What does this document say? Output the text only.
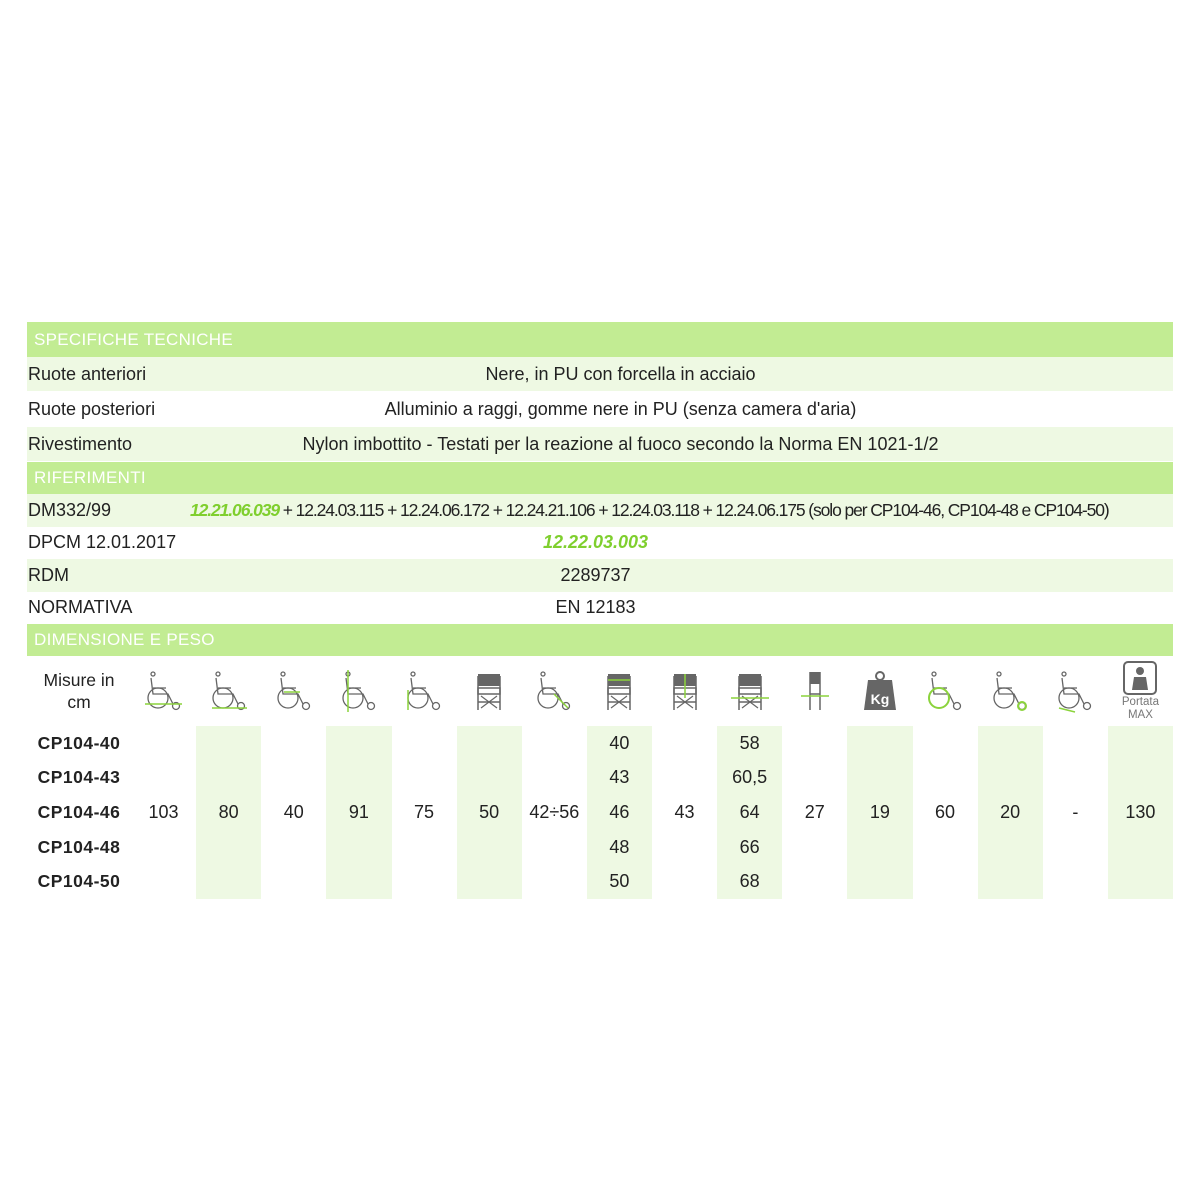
SPECIFICHE TECNICHE
Ruote anteriori	Nere, in PU con forcella in acciaio
Ruote posteriori	Alluminio a raggi, gomme nere in PU (senza camera d'aria)
Rivestimento	Nylon imbottito - Testati per la reazione al fuoco secondo la Norma EN 1021-1/2
RIFERIMENTI
DM332/99	12.21.06.039 + 12.24.03.115 + 12.24.06.172 + 12.24.21.106 + 12.24.03.118 + 12.24.06.175 (solo per CP104-46, CP104-48 e CP104-50)
DPCM 12.01.2017	12.22.03.003
RDM	2289737
NORMATIVA	EN 12183
DIMENSIONE E PESO
Misure in
cm												Kg				Portata
MAX

CP104-40	103	80	40	91	75	50	42÷56	40	43	58	27	19	60	20	-	130
CP104-43								43		60,5						
CP104-46								46		64						
CP104-48								48		66						
CP104-50								50		68						
